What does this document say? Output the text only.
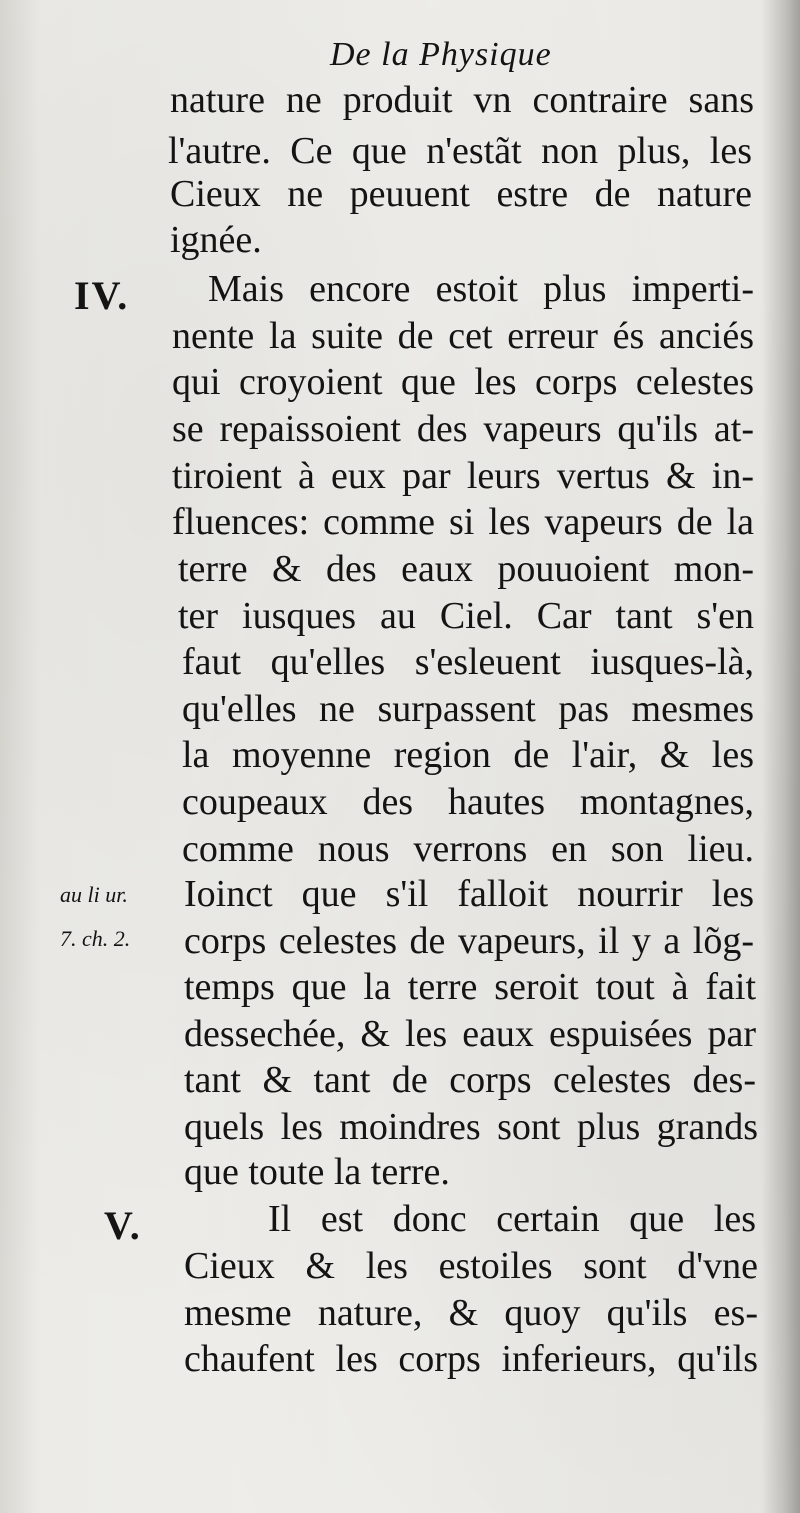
De la Physique
IV.
V.
au li ur.
7. ch. 2.
nature ne produit vn contraire sans
l'autre. Ce que n'estãt non plus, les
Cieux ne peuuent estre de nature
ignée.
Mais encore estoit plus imperti-
nente la suite de cet erreur és anciés
qui croyoient que les corps celestes
se repaissoient des vapeurs qu'ils at-
tiroient à eux par leurs vertus & in-
fluences: comme si les vapeurs de la
terre & des eaux pouuoient mon-
ter iusques au Ciel. Car tant s'en
faut qu'elles s'esleuent iusques-là,
qu'elles ne surpassent pas mesmes
la moyenne region de l'air, & les
coupeaux des hautes montagnes,
comme nous verrons en son lieu.
Ioinct que s'il falloit nourrir les
corps celestes de vapeurs, il y a lõg-
temps que la terre seroit tout à fait
dessechée, & les eaux espuisées par
tant & tant de corps celestes des-
quels les moindres sont plus grands
que toute la terre.
Il est donc certain que les
Cieux & les estoiles sont d'vne
mesme nature, & quoy qu'ils es-
chaufent les corps inferieurs, qu'ils
